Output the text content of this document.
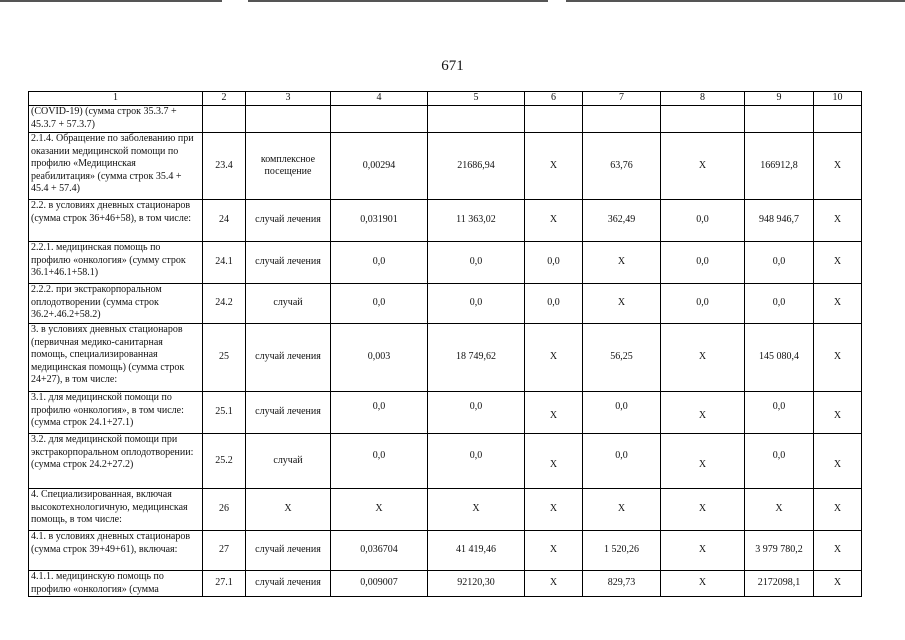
671
1	2	3	4	5	6	7	8	9	10
(COVID-19) (сумма строк 35.3.7 + 45.3.7 + 57.3.7)									
2.1.4. Обращение по заболеванию при оказании медицинской помощи по профилю «Медицинская реабилитация» (сумма строк 35.4 + 45.4 + 57.4)	23.4	комплексное посещение	0,00294	21686,94	X	63,76	X	166912,8	X
2.2. в условиях дневных стационаров (сумма строк 36+46+58), в том числе:	24	случай лечения	0,031901	11 363,02	X	362,49	0,0	948 946,7	X
2.2.1. медицинская помощь по профилю «онкология» (сумму строк 36.1+46.1+58.1)	24.1	случай лечения	0,0	0,0	0,0	X	0,0	0,0	X
2.2.2. при экстракорпоральном оплодотворении (сумма строк 36.2+.46.2+58.2)	24.2	случай	0,0	0,0	0,0	X	0,0	0,0	X
3. в условиях дневных стационаров (первичная медико-санитарная помощь, специализированная медицинская помощь) (сумма строк 24+27), в том числе:	25	случай лечения	0,003	18 749,62	X	56,25	X	145 080,4	X
3.1. для медицинской помощи по профилю «онкология», в том числе: (сумма строк 24.1+27.1)	25.1	случай лечения	0,0	0,0	X	0,0	X	0,0	X
3.2. для медицинской помощи при экстракорпоральном оплодотворении: (сумма строк 24.2+27.2)	25.2	случай	0,0	0,0	X	0,0	X	0,0	X
4. Специализированная, включая высокотехнологичную, медицинская помощь, в том числе:	26	X	X	X	X	X	X	X	X
4.1. в условиях дневных стационаров (сумма строк 39+49+61), включая:	27	случай лечения	0,036704	41 419,46	X	1 520,26	X	3 979 780,2	X
4.1.1. медицинскую помощь по профилю «онкология» (сумма	27.1	случай лечения	0,009007	92120,30	X	829,73	X	2172098,1	X
